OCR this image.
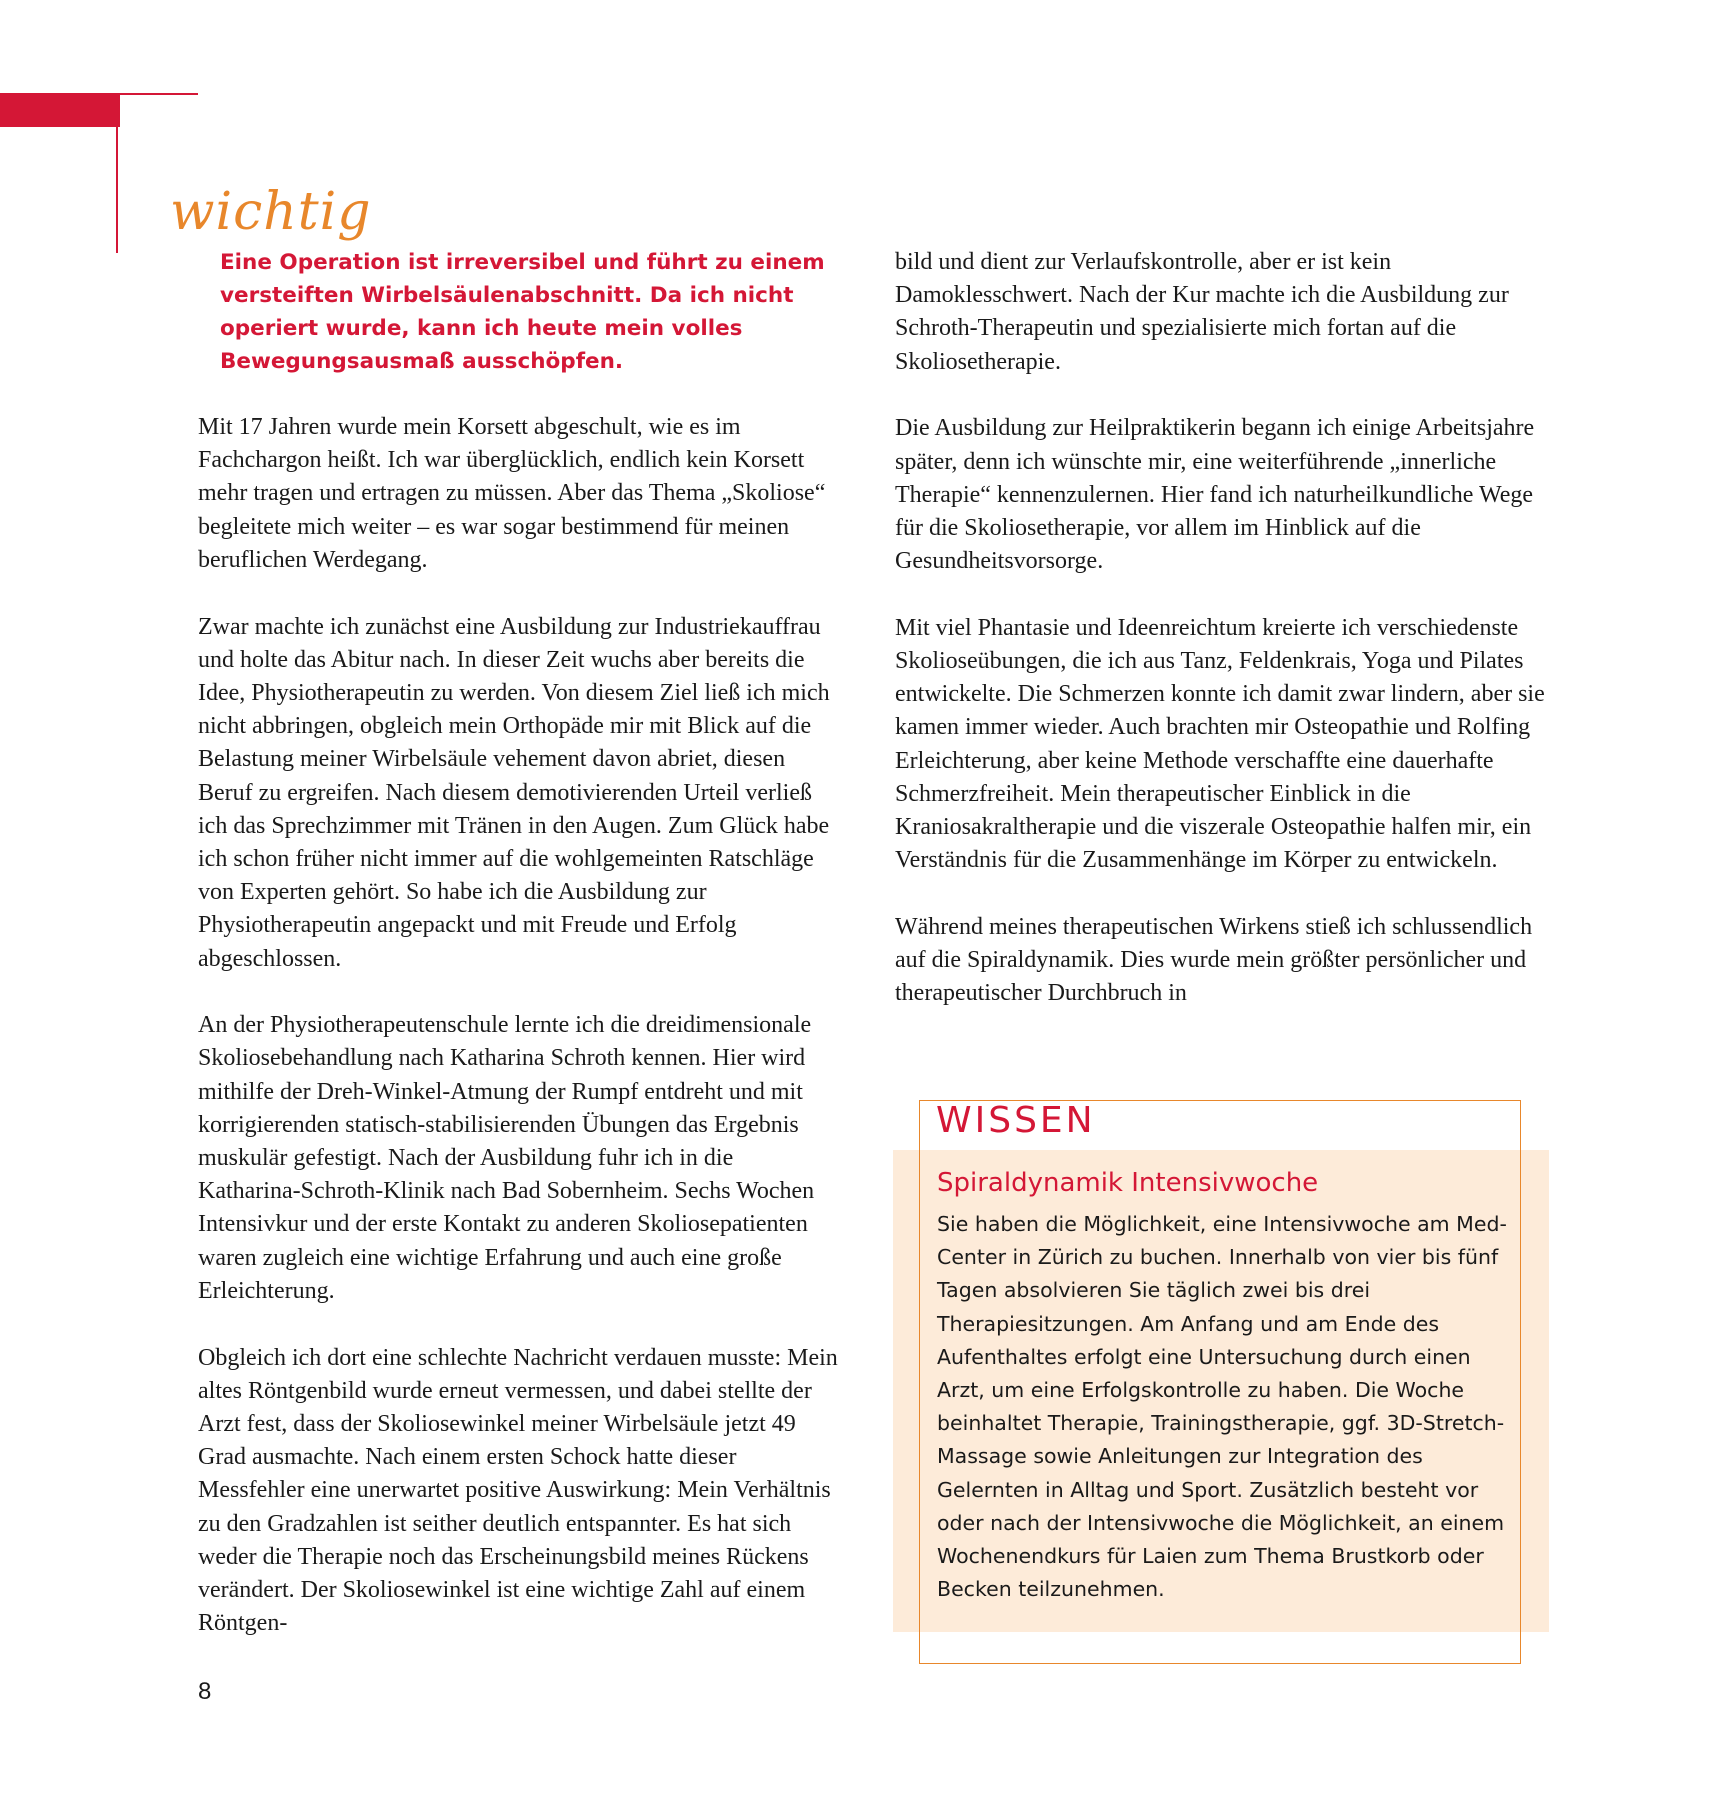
wichtig
Eine Operation ist irreversibel und führt zu einem versteiften Wirbelsäulenabschnitt. Da ich nicht operiert wurde, kann ich heute mein volles Bewegungsausmaß ausschöpfen.

Mit 17 Jahren wurde mein Korsett abgeschult, wie es im Fachchargon heißt. Ich war überglücklich, endlich kein Korsett mehr tragen und ertragen zu müssen. Aber das Thema „Skoliose“ begleitete mich weiter – es war sogar bestimmend für meinen beruflichen Werdegang.

Zwar machte ich zunächst eine Ausbildung zur Industriekauffrau und holte das Abitur nach. In dieser Zeit wuchs aber bereits die Idee, Physiotherapeutin zu werden. Von diesem Ziel ließ ich mich nicht abbringen, obgleich mein Orthopäde mir mit Blick auf die Belastung meiner Wirbelsäule vehement davon abriet, diesen Beruf zu ergreifen. Nach diesem demotivierenden Urteil verließ ich das Sprechzimmer mit Tränen in den Augen. Zum Glück habe ich schon früher nicht immer auf die wohlgemeinten Ratschläge von Experten gehört. So habe ich die Ausbildung zur Physiotherapeutin angepackt und mit Freude und Erfolg abgeschlossen.

An der Physiotherapeutenschule lernte ich die dreidimensionale Skoliosebehandlung nach Katharina Schroth kennen. Hier wird mithilfe der Dreh-Winkel-Atmung der Rumpf entdreht und mit korrigierenden statisch-stabilisierenden Übungen das Ergebnis muskulär gefestigt. Nach der Ausbildung fuhr ich in die Katharina-Schroth-Klinik nach Bad Sobernheim. Sechs Wochen Intensivkur und der erste Kontakt zu anderen Skoliosepatienten waren zugleich eine wichtige Erfahrung und auch eine große Erleichterung.

Obgleich ich dort eine schlechte Nachricht verdauen musste: Mein altes Röntgenbild wurde erneut vermessen, und dabei stellte der Arzt fest, dass der Skoliosewinkel meiner Wirbelsäule jetzt 49 Grad ausmachte. Nach einem ersten Schock hatte dieser Messfehler eine unerwartet positive Auswirkung: Mein Verhältnis zu den Gradzahlen ist seither deutlich entspannter. Es hat sich weder die Therapie noch das Erscheinungsbild meines Rückens verändert. Der Skoliosewinkel ist eine wichtige Zahl auf einem Röntgen-

bild und dient zur Verlaufskontrolle, aber er ist kein Damoklesschwert. Nach der Kur machte ich die Ausbildung zur Schroth-Therapeutin und spezialisierte mich fortan auf die Skoliosetherapie.

Die Ausbildung zur Heilpraktikerin begann ich einige Arbeitsjahre später, denn ich wünschte mir, eine weiterführende „innerliche Therapie“ kennenzulernen. Hier fand ich naturheilkundliche Wege für die Skoliosetherapie, vor allem im Hinblick auf die Gesundheitsvorsorge.

Mit viel Phantasie und Ideenreichtum kreierte ich verschiedenste Skolioseübungen, die ich aus Tanz, Feldenkrais, Yoga und Pilates entwickelte. Die Schmerzen konnte ich damit zwar lindern, aber sie kamen immer wieder. Auch brachten mir Osteopathie und Rolfing Erleichterung, aber keine Methode verschaffte eine dauerhafte Schmerzfreiheit. Mein therapeutischer Einblick in die Kraniosakraltherapie und die viszerale Osteopathie halfen mir, ein Verständnis für die Zusammenhänge im Körper zu entwickeln.

Während meines therapeutischen Wirkens stieß ich schlussendlich auf die Spiraldynamik. Dies wurde mein größter persönlicher und therapeutischer Durchbruch in

WISSEN
Spiraldynamik Intensivwoche
Sie haben die Möglichkeit, eine Intensivwoche am Med-Center in Zürich zu buchen. Innerhalb von vier bis fünf Tagen absolvieren Sie täglich zwei bis drei Therapiesitzungen. Am Anfang und am Ende des Aufenthaltes erfolgt eine Untersuchung durch einen Arzt, um eine Erfolgskontrolle zu haben. Die Woche beinhaltet Therapie, Trainingstherapie, ggf. 3D-Stretch-Massage sowie Anleitungen zur Integration des Gelernten in Alltag und Sport. Zusätzlich besteht vor oder nach der Intensivwoche die Möglichkeit, an einem Wochenendkurs für Laien zum Thema Brustkorb oder Becken teilzunehmen.
8
